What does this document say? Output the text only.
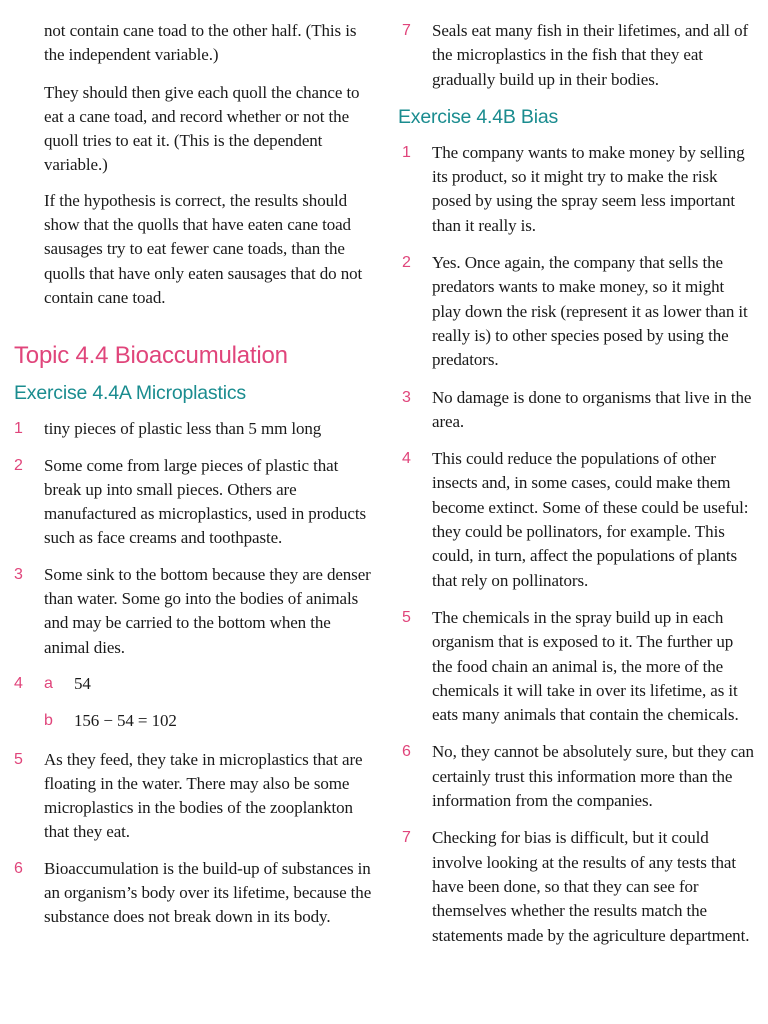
not contain cane toad to the other half. (This is the independent variable.)

They should then give each quoll the chance to eat a cane toad, and record whether or not the quoll tries to eat it. (This is the dependent variable.)

If the hypothesis is correct, the results should show that the quolls that have eaten cane toad sausages try to eat fewer cane toads, than the quolls that have only eaten sausages that do not contain cane toad.

Topic 4.4 Bioaccumulation
Exercise 4.4A Microplastics
1	tiny pieces of plastic less than 5 mm long
2	Some come from large pieces of plastic that break up into small pieces. Others are manufactured as microplastics, used in products such as face creams and toothpaste.
3	Some sink to the bottom because they are denser than water. Some go into the bodies of animals and may be carried to the bottom when the animal dies.
4 a	54
b	156 − 54 = 102
5	As they feed, they take in microplastics that are floating in the water. There may also be some microplastics in the bodies of the zooplankton that they eat.
6	Bioaccumulation is the build-up of substances in an organism’s body over its lifetime, because the substance does not break down in its body.
7	Seals eat many fish in their lifetimes, and all of the microplastics in the fish that they eat gradually build up in their bodies.
Exercise 4.4B Bias
1	The company wants to make money by selling its product, so it might try to make the risk posed by using the spray seem less important than it really is.
2	Yes. Once again, the company that sells the predators wants to make money, so it might play down the risk (represent it as lower than it really is) to other species posed by using the predators.
3	No damage is done to organisms that live in the area.
4	This could reduce the populations of other insects and, in some cases, could make them become extinct. Some of these could be useful: they could be pollinators, for example. This could, in turn, affect the populations of plants that rely on pollinators.
5	The chemicals in the spray build up in each organism that is exposed to it. The further up the food chain an animal is, the more of the chemicals it will take in over its lifetime, as it eats many animals that contain the chemicals.
6	No, they cannot be absolutely sure, but they can certainly trust this information more than the information from the companies.
7	Checking for bias is difficult, but it could involve looking at the results of any tests that have been done, so that they can see for themselves whether the results match the statements made by the agriculture department.
